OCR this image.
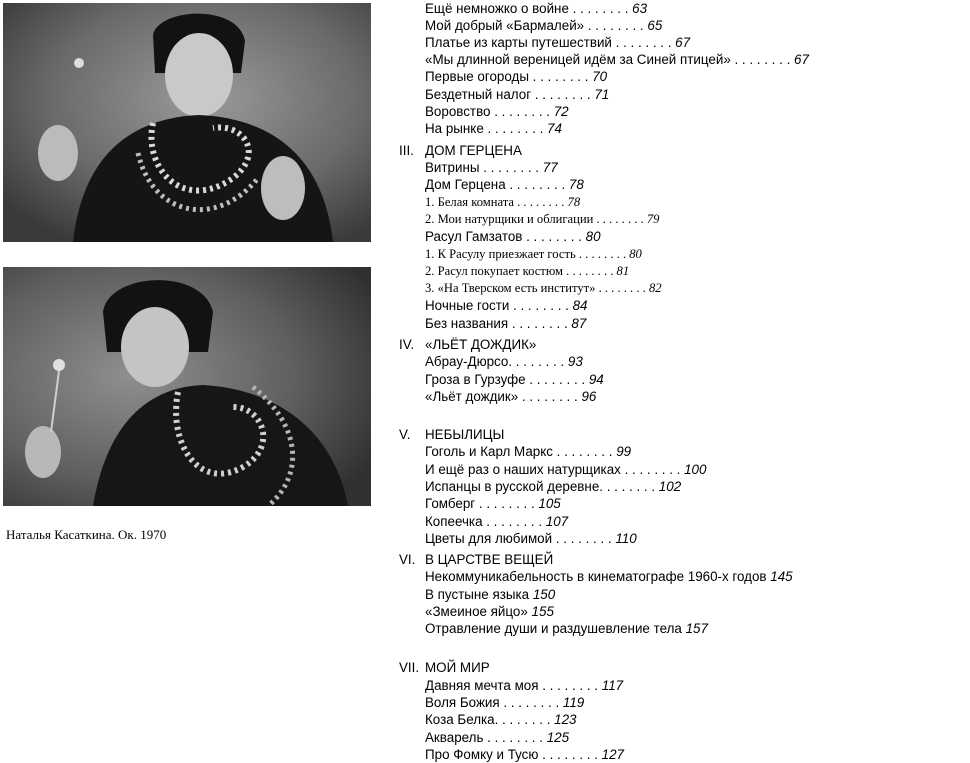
Наталья Касаткина. Ок. 1970
Ещё немножко о войне . . . . . . . . 63
Мой добрый «Бармалей» . . . . . . . . 65
Платье из карты путешествий . . . . . . . . 67
«Мы длинной вереницей идём за Синей птицей» . . . . . . . . 67
Первые огороды . . . . . . . . 70
Бездетный налог . . . . . . . . 71
Воровство . . . . . . . . 72
На рынке . . . . . . . . 74
III. ДОМ ГЕРЦЕНА
Витрины . . . . . . . . 77
Дом Герцена . . . . . . . . 78
1. Белая комната . . . . . . . . 78
2. Мои натурщики и облигации . . . . . . . . 79
Расул Гамзатов . . . . . . . . 80
1. К Расулу приезжает гость . . . . . . . . 80
2. Расул покупает костюм . . . . . . . . 81
3. «На Тверском есть институт» . . . . . . . . 82
Ночные гости . . . . . . . . 84
Без названия . . . . . . . . 87
IV. «ЛЬЁТ ДОЖДИК»
Абрау-Дюрсо. . . . . . . . 93
Гроза в Гурзуфе . . . . . . . . 94
«Льёт дождик» . . . . . . . . 96
V. НЕБЫЛИЦЫ
Гоголь и Карл Маркс . . . . . . . . 99
И ещё раз о наших натурщиках . . . . . . . . 100
Испанцы в русской деревне. . . . . . . . 102
Гомберг . . . . . . . . 105
Копеечка . . . . . . . . 107
Цветы для любимой . . . . . . . . 110
VI. В ЦАРСТВЕ ВЕЩЕЙ
Некоммуникабельность в кинематографе 1960-х годов 145
В пустыне языка 150
«Змеиное яйцо» 155
Отравление души и раздушевление тела 157
VII. МОЙ МИР
Давняя мечта моя . . . . . . . . 117
Воля Божия . . . . . . . . 119
Коза Белка. . . . . . . . 123
Акварель . . . . . . . . 125
Про Фомку и Тусю . . . . . . . . 127
